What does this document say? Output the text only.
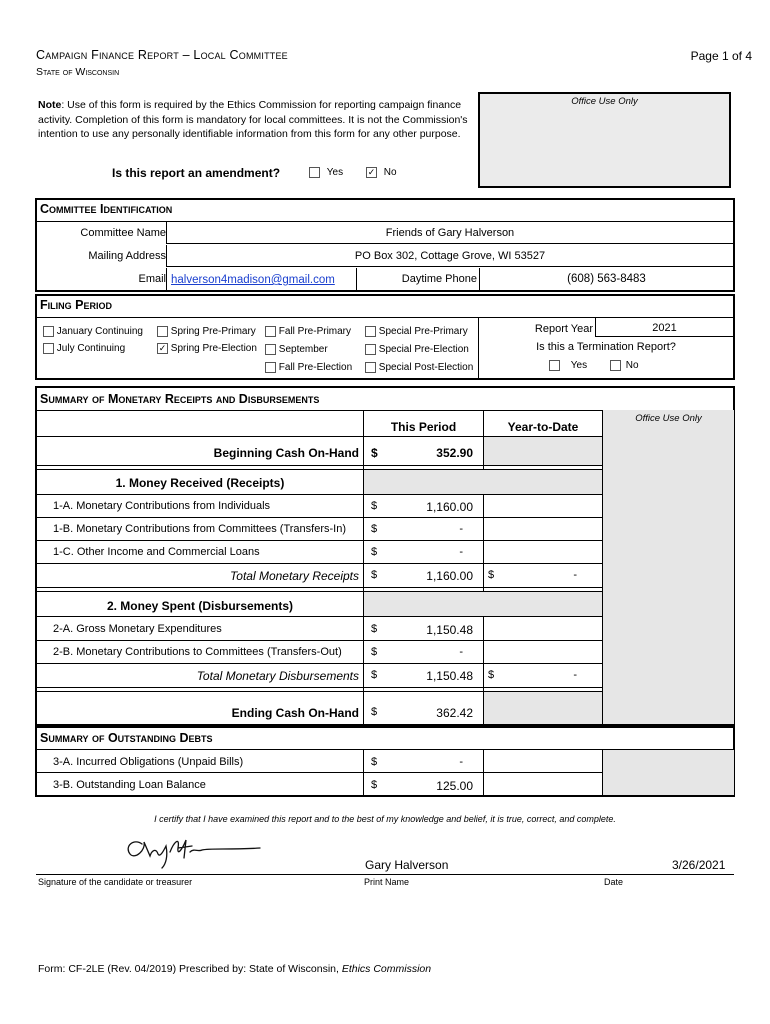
Campaign Finance Report – Local Committee
State of Wisconsin
Page 1 of 4
Note: Use of this form is required by the Ethics Commission for reporting campaign finance activity. Completion of this form is mandatory for local committees. It is not the Commission's intention to use any personally identifiable information from this form for any other purpose.
Office Use Only
Is this report an amendment?	Yes	✓ No
Committee Identification
Committee Name	Friends of Gary Halverson
Mailing Address	PO Box 302, Cottage Grove, WI 53527
Email halverson4madison@gmail.com	Daytime Phone	(608) 563-8483
Filing Period
January Continuing
July Continuing
Spring Pre-Primary
✓ Spring Pre-Election
Fall Pre-Primary
September
Fall Pre-Election
Special Pre-Primary
Special Pre-Election
Special Post-Election
Report Year	2021
Is this a Termination Report?
Yes	No
Summary of Monetary Receipts and Disbursements
Office Use Only
This Period	Year-to-Date
Beginning Cash On-Hand $	352.90
1. Money Received (Receipts)
1-A. Monetary Contributions from Individuals	$	1,160.00
1-B. Monetary Contributions from Committees (Transfers-In) $	-
1-C. Other Income and Commercial Loans	$	-
Total Monetary Receipts $	1,160.00 $	-
2. Money Spent (Disbursements)
2-A. Gross Monetary Expenditures	$	1,150.48
2-B. Monetary Contributions to Committees (Transfers-Out)	$	-
Total Monetary Disbursements $	1,150.48 $	-
Ending Cash On-Hand $	362.42
Summary of Outstanding Debts
3-A. Incurred Obligations (Unpaid Bills)	$	-
3-B. Outstanding Loan Balance	$	125.00
I certify that I have examined this report and to the best of my knowledge and belief, it is true, correct, and complete.
Gary Halverson	3/26/2021
Signature of the candidate or treasurer	Print Name	Date
Form: CF-2LE (Rev. 04/2019) Prescribed by: State of Wisconsin, Ethics Commission
